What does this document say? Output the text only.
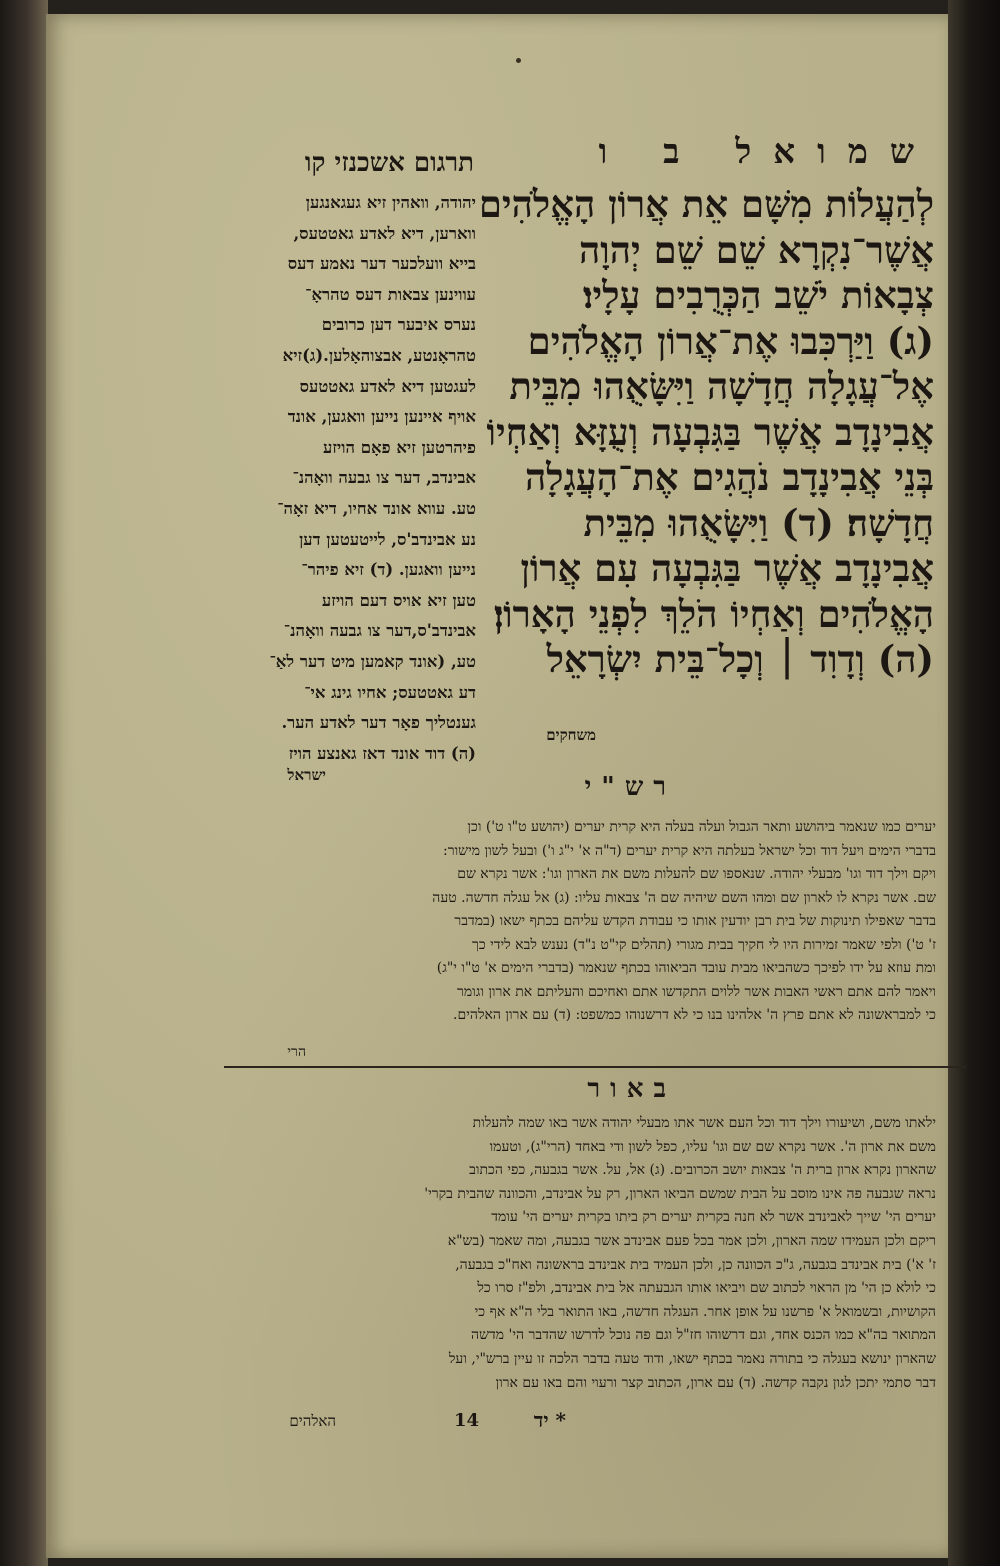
שמואל ב ו
תרגום אשכנזי קו
לְהַעֲלוֹת מִשָּׁם אֵת אֲרוֹן הָאֱלֹהִים
אֲשֶׁר־נִקְרָא שֵׁם שֵׁם יְהוָה
צְבָאוֹת יֹשֵׁב הַכְּרֻבִים עָלָיו׃
(ג) וַיַּרְכִּבוּ אֶת־אֲרוֹן הָאֱלֹהִים
אֶל־עֲגָלָה חֲדָשָׁה וַיִּשָּׂאֻהוּ מִבֵּית
אֲבִינָדָב אֲשֶׁר בַּגִּבְעָה וְעֻזָּא וְאַחְיוֹ
בְּנֵי אֲבִינָדָב נֹהֲגִים אֶת־הָעֲגָלָה
חֲדָשָׁה׃ (ד) וַיִּשָּׂאֻהוּ מִבֵּית
אֲבִינָדָב אֲשֶׁר בַּגִּבְעָה עִם אֲרוֹן
הָאֱלֹהִים וְאַחְיוֹ הֹלֵךְ לִפְנֵי הָאָרוֹן׃
(ה) וְדָוִד ׀ וְכָל־בֵּית יִשְׂרָאֵל
משחקים
יהודה, וואהין זיא געגאנגען
ווארען, דיא לאדע גאטטעס,
בייא וועלכער דער נאמע דעס
עווינען צבאות דעס טהראָ־
נערס איבער דען כרובים
טהראָנטע, אבצוהאָלען.(ג)זיא
לעגטען דיא לאדע גאטטעס
אויף איינען נייען וואגען, אונד
פיהרטען זיא פאָם הויזע
אבינדב, דער צו גבעה וואָהנ־
טע. עווא אונד אחיו, דיא זאָה־
נע אבינדב'ס, לייטעטען דען
נייען וואגען. (ד) זיא פיהר־
טען זיא אויס דעם הויזע
אבינדב'ס,דער צו גבעה וואָהנ־
טע, (אונד קאמען מיט דער לאַ־
דע גאטטעס; אחיו גינג אי־
גענטליך פאָר דער לאדע הער.
(ה) דוד אונד דאז גאנצע הויז
ישראל	רש"י
יערים כמו שנאמר ביהושע ותאר הגבול ועלה בעלה היא קרית יערים (יהושע ט"ו ט') וכן
בדברי הימים ויעל דוד וכל ישראל בעלתה היא קרית יערים (ד"ה א' י"ג ו') ובעל לשון מישור:
ויקם וילך דוד וגו' מבעלי יהודה. שנאספו שם להעלות משם את הארון וגו': אשר נקרא שם
שם. אשר נקרא לו לארון שם ומהו השם שיהיה שם ה' צבאות עליו: (ג) אל עגלה חדשה. טעה
בדבר שאפילו תינוקות של בית רבן יודעין אותו כי עבודת הקדש עליהם בכתף ישאו (במדבר
ז' ט') ולפי שאמר זמירות היו לי חקיך בבית מגורי (תהלים קי"ט נ"ד) נענש לבא לידי כך
ומת עוזא על ידו לפיכך כשהביאו מבית עובד הביאוהו בכתף שנאמר (בדברי הימים א' ט"ו י"ג)
ויאמר להם אתם ראשי האבות אשר ללוים התקדשו אתם ואחיכם והעליתם את ארון וגומר
כי למבראשונה לא אתם פרץ ה' אלהינו בנו כי לא דרשנוהו כמשפט: (ד) עם ארון האלהים.
הרי
באור
ילאתו משם, ושיעורו וילך דוד וכל העם אשר אתו מבעלי יהודה אשר באו שמה להעלות
משם את ארון ה'. אשר נקרא שם שם וגו' עליו, כפל לשון ודי באחד (הרי"ג), וטעמו
שהארון נקרא ארון ברית ה' צבאות יושב הכרובים. (ג) אל, על. אשר בגבעה, כפי הכתוב
נראה שגבעה פה אינו מוסב על הבית שמשם הביאו הארון, רק על אבינדב, והכוונה שהבית בקרי'
יערים הי' שייך לאבינדב אשר לא חנה בקרית יערים רק ביתו בקרית יערים הי' עומד
ריקם ולכן העמידו שמה הארון, ולכן אמר בכל פעם אבינדב אשר בגבעה, ומה שאמר (בש"א
ז' א') בית אבינדב בגבעה, ג"כ הכוונה כן, ולכן העמיד בית אבינדב בראשונה ואח"כ בגבעה,
כי לולא כן הי' מן הראוי לכתוב שם ויביאו אותו הגבעתה אל בית אבינדב, ולפ"ז סרו כל
הקושיות, ובשמואל א' פרשנו על אופן אחר. העגלה חדשה, באו התואר בלי ה"א אף כי
המתואר בה"א כמו הכנס אחד, וגם דרשוהו חז"ל וגם פה נוכל לדרשו שהדבר הי' מדשה
שהארון ינושא בעגלה כי בתורה נאמר בכתף ישאו, ודוד טעה בדבר הלכה זו עיין ברש"י, ועל
דבר סתמי יתכן לגון נקבה קדשה. (ד) עם ארון, הכתוב קצר ורעוי והם באו עם ארון
14	* יד
האלהים
